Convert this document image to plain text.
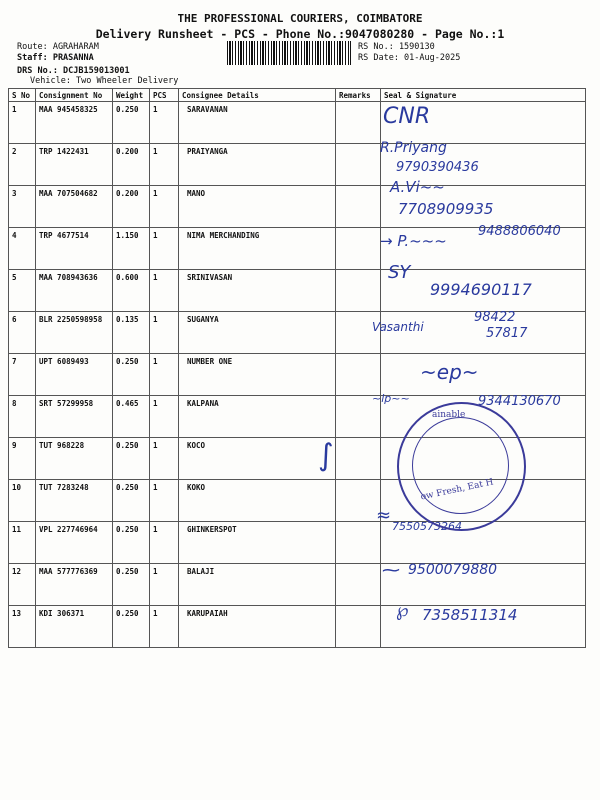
THE PROFESSIONAL COURIERS, COIMBATORE
Delivery Runsheet - PCS - Phone No.:9047080280 - Page No.:1
Route: AGRAHARAM
Staff: PRASANNA
DRS No.: DCJB159013001
Vehicle: Two Wheeler Delivery
RS No.: 1590130
RS Date: 01-Aug-2025
S No	Consignment No	Weight	PCS	Consignee Details	Remarks	Seal & Signature
1	MAA 945458325	0.250	1	SARAVANAN		
2	TRP 1422431	0.200	1	PRAIYANGA		
3	MAA 707504682	0.200	1	MANO		
4	TRP 4677514	1.150	1	NIMA MERCHANDING		
5	MAA 708943636	0.600	1	SRINIVASAN		
6	BLR 2250598958	0.135	1	SUGANYA		
7	UPT 6089493	0.250	1	NUMBER ONE		
8	SRT 57299958	0.465	1	KALPANA		
9	TUT 968228	0.250	1	KOCO		
10	TUT 7283248	0.250	1	KOKO		
11	VPL 227746964	0.250	1	GHINKERSPOT		
12	MAA 577776369	0.250	1	BALAJI		
13	KDI 306371	0.250	1	KARUPAIAH		
CNR
R.Priyang
9790390436
A.Vi~~
7708909935
→ P.~~~
9488806040
SY
9994690117
Vasanthi
98422
57817
~ep~
~lp~~	9344130670
∫
≈
7550573264
⁓ 9500079880
℘ 7358511314
ainable
ow Fresh, Eat H
